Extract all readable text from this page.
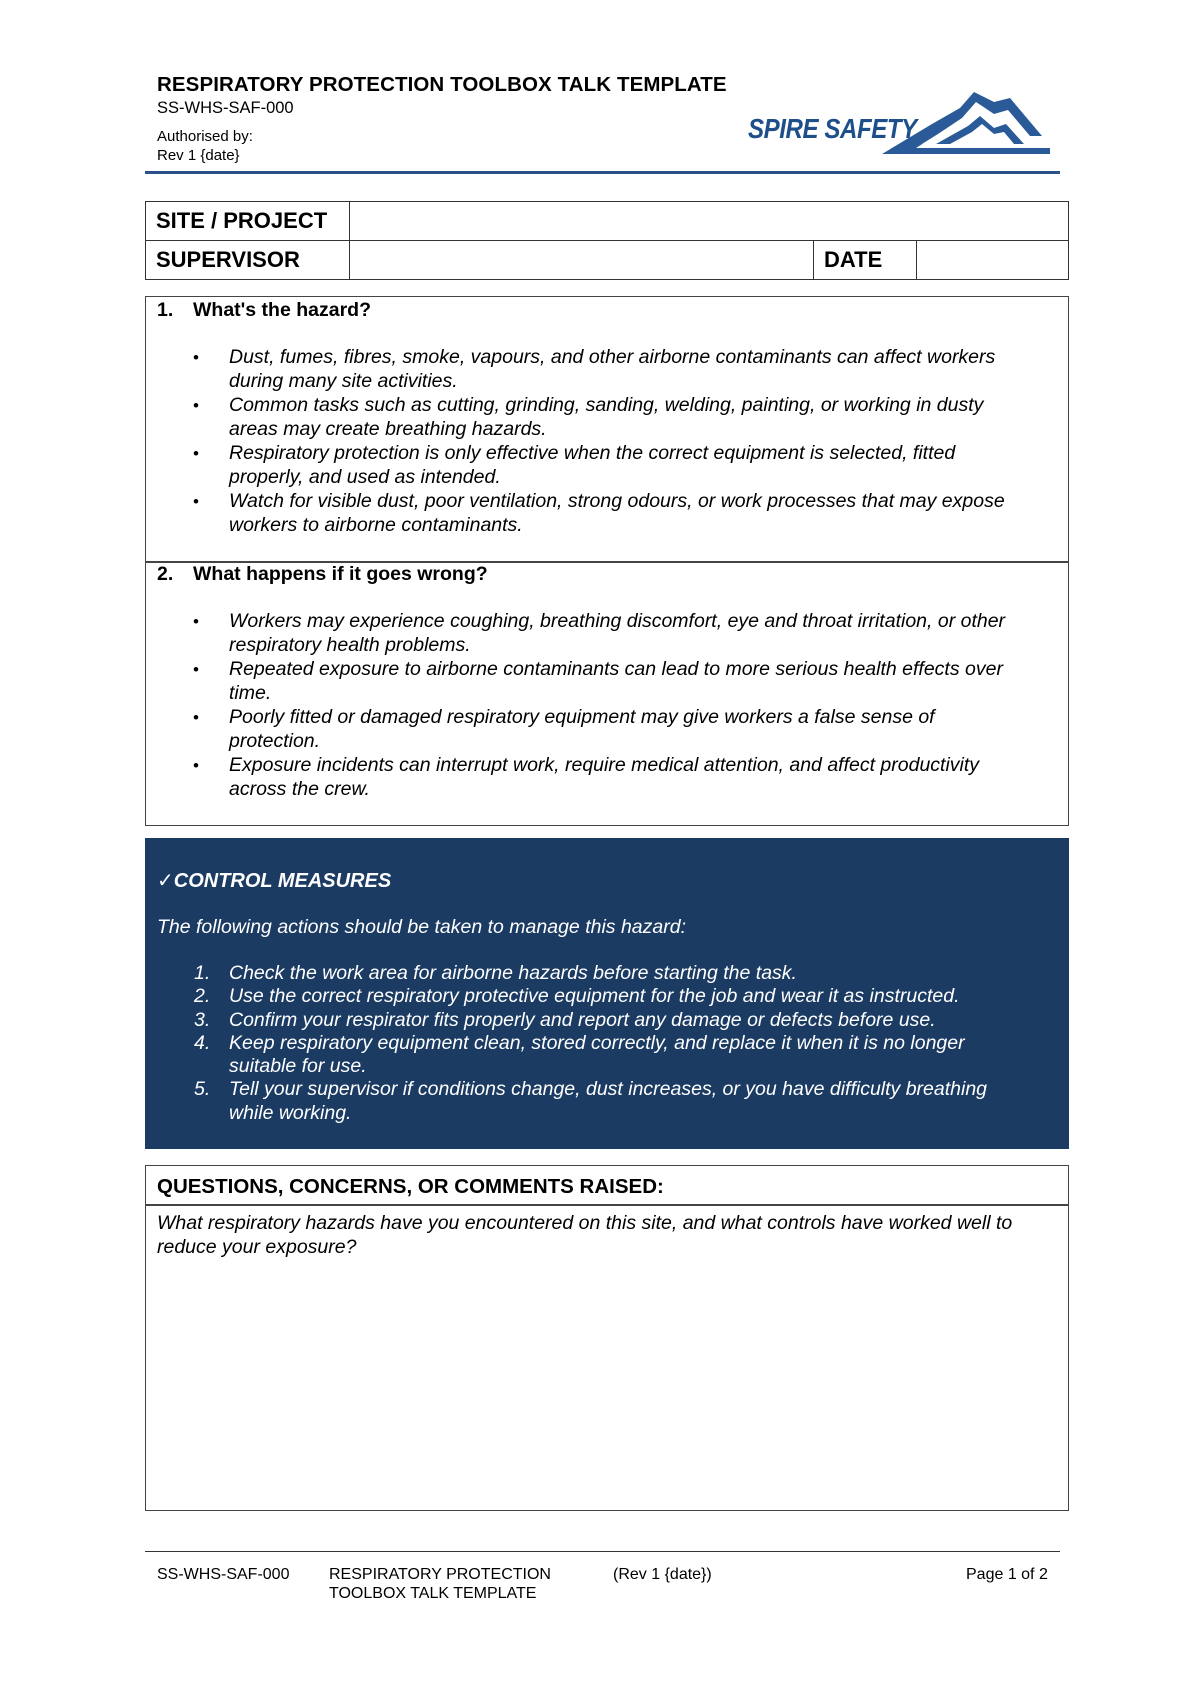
RESPIRATORY PROTECTION TOOLBOX TALK TEMPLATE
SS-WHS-SAF-000
Authorised by:
Rev 1 {date}
SPIRE SAFETY
SITE / PROJECT			
SUPERVISOR		DATE	
1. What's the hazard?
• Dust, fumes, fibres, smoke, vapours, and other airborne contaminants can affect workers
during many site activities.
• Common tasks such as cutting, grinding, sanding, welding, painting, or working in dusty
areas may create breathing hazards.
• Respiratory protection is only effective when the correct equipment is selected, fitted
properly, and used as intended.
• Watch for visible dust, poor ventilation, strong odours, or work processes that may expose
workers to airborne contaminants.
2. What happens if it goes wrong?
• Workers may experience coughing, breathing discomfort, eye and throat irritation, or other
respiratory health problems.
• Repeated exposure to airborne contaminants can lead to more serious health effects over
time.
• Poorly fitted or damaged respiratory equipment may give workers a false sense of
protection.
• Exposure incidents can interrupt work, require medical attention, and affect productivity
across the crew.
✓CONTROL MEASURES
The following actions should be taken to manage this hazard:
1. Check the work area for airborne hazards before starting the task.
2. Use the correct respiratory protective equipment for the job and wear it as instructed.
3. Confirm your respirator fits properly and report any damage or defects before use.
4. Keep respiratory equipment clean, stored correctly, and replace it when it is no longer
suitable for use.
5. Tell your supervisor if conditions change, dust increases, or you have difficulty breathing
while working.
QUESTIONS, CONCERNS, OR COMMENTS RAISED:
What respiratory hazards have you encountered on this site, and what controls have worked well to
reduce your exposure?
SS-WHS-SAF-000 RESPIRATORY PROTECTION
TOOLBOX TALK TEMPLATE
(Rev 1 {date})	Page 1 of 2
